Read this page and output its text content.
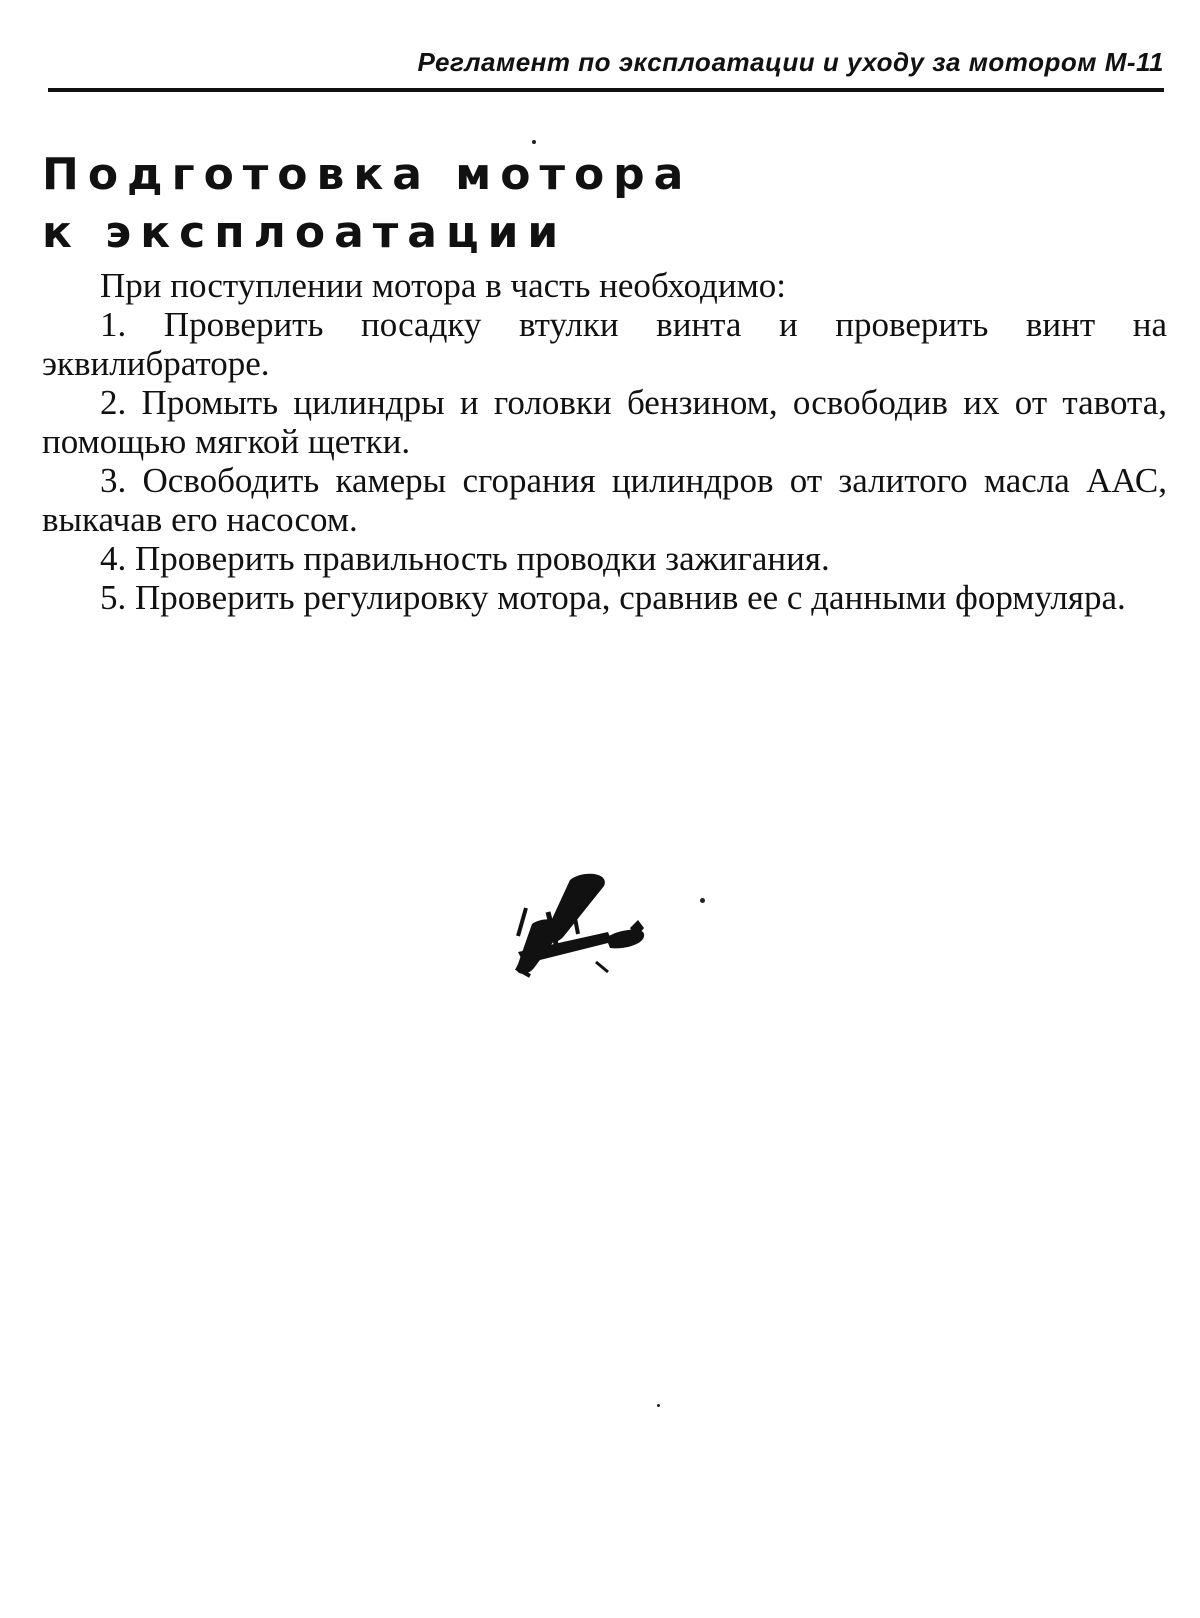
Регламент по эксплоатации и уходу за мотором М-11
Подготовка мотора
к эксплоатации

При поступлении мотора в часть необходимо:

1. Проверить посадку втулки винта и проверить винт на эквилибраторе.

2. Промыть цилиндры и головки бензином, освободив их от тавота, помощью мягкой щетки.

3. Освободить камеры сгорания цилиндров от залитого масла ААС, выкачав его насосом.

4. Проверить правильность проводки зажигания.

5. Проверить регулировку мотора, сравнив ее с данными формуляра.
